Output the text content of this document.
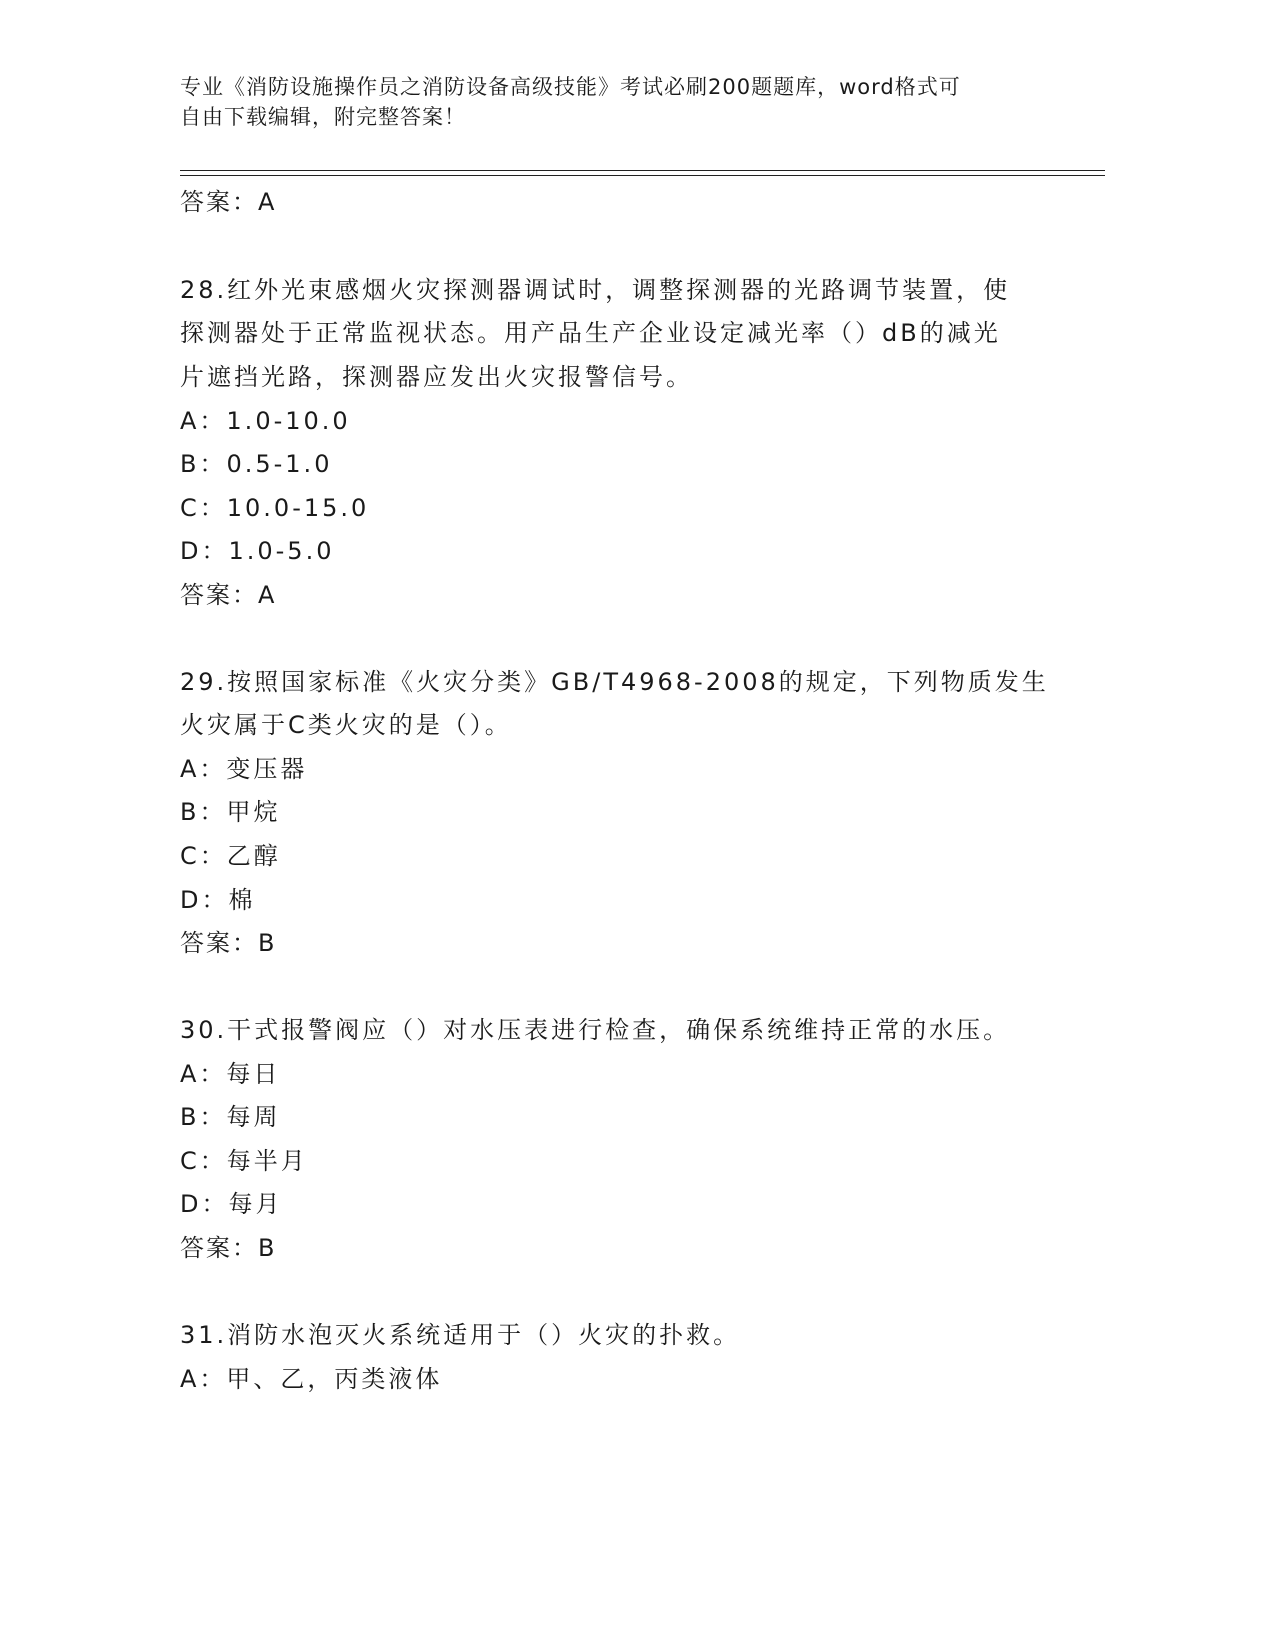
专业《消防设施操作员之消防设备高级技能》考试必刷200题题库，word格式可
自由下载编辑，附完整答案！
答案：A
28.红外光束感烟火灾探测器调试时，调整探测器的光路调节装置，使
探测器处于正常监视状态。用产品生产企业设定减光率（）dB的减光
片遮挡光路，探测器应发出火灾报警信号。
A：1.0-10.0
B：0.5-1.0
C：10.0-15.0
D：1.0-5.0
答案：A
29.按照国家标准《火灾分类》GB/T4968-2008的规定，下列物质发生
火灾属于C类火灾的是（）。
A：变压器
B：甲烷
C：乙醇
D：棉
答案：B
30.干式报警阀应（）对水压表进行检查，确保系统维持正常的水压。
A：每日
B：每周
C：每半月
D：每月
答案：B
31.消防水泡灭火系统适用于（）火灾的扑救。
A：甲、乙，丙类液体
